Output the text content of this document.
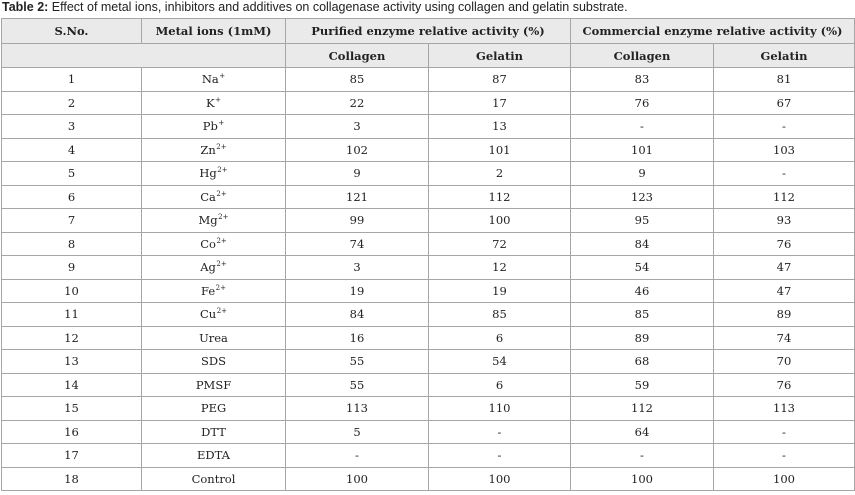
Table 2: Effect of metal ions, inhibitors and additives on collagenase activity using collagen and gelatin substrate.
S.No.	Metal ions (1mM)	Purified enzyme relative activity (%)		Commercial enzyme relative activity (%)	
		Collagen	Gelatin	Collagen	Gelatin
1	Na+	85	87	83	81
2	K+	22	17	76	67
3	Pb+	3	13	-	-
4	$Zn^{2+}$	102	101	101	103
5	$Hg^{2+}$	9	2	9	-
6	$Ca^{2+}$	121	112	123	112
7	$Mg^{2+}$	99	100	95	93
8	$Co^{2+}$	74	72	84	76
9	$Ag^{2+}$	3	12	54	47
10	$Fe^{2+}$	19	19	46	47
11	$Cu^{2+}$	84	85	85	89
12	Urea	16	6	89	74
13	SDS	55	54	68	70
14	PMSF	55	6	59	76
15	PEG	113	110	112	113
16	DTT	5	-	64	-
17	EDTA	-	-	-	-
18	Control	100	100	100	100
